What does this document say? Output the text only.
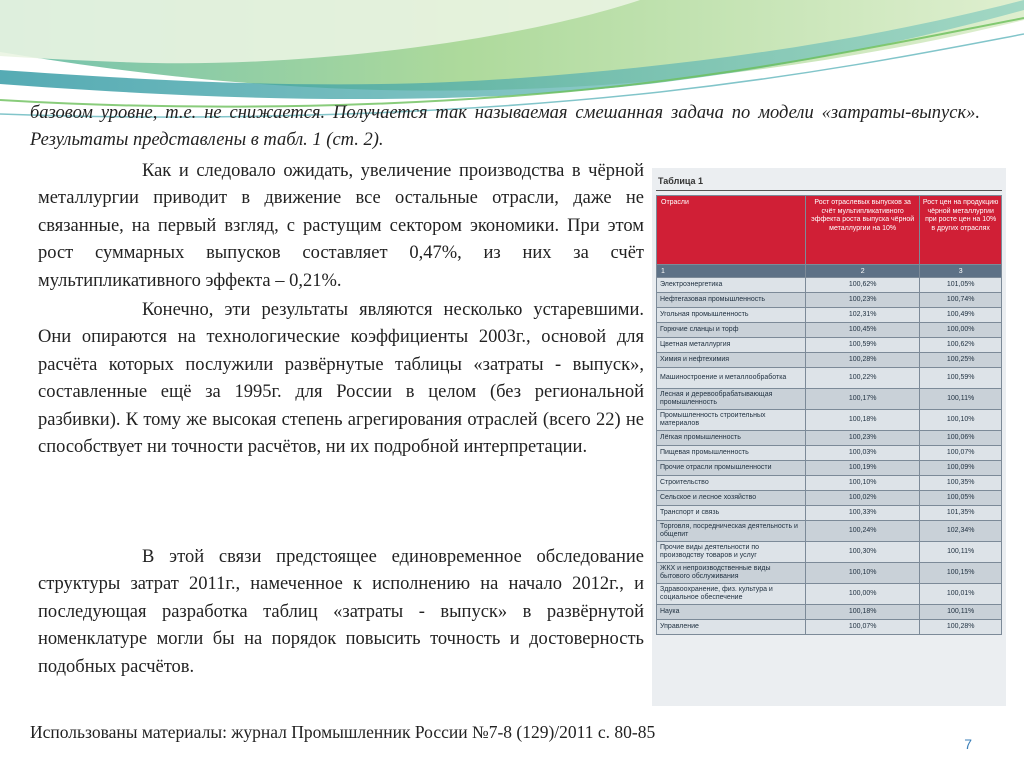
базовом уровне, т.е. не снижается. Получается так называемая смешанная задача по модели «затраты-выпуск». Результаты представлены в табл. 1 (ст. 2).

Как и следовало ожидать, увеличение производства в чёрной металлургии приводит в движение все остальные отрасли, даже не связанные, на первый взгляд, с растущим сектором экономики. При этом рост суммарных выпусков составляет 0,47%, из них за счёт мультипликативного эффекта – 0,21%.

Конечно, эти результаты являются несколько устаревшими. Они опираются на технологические коэффициенты 2003г., основой для расчёта которых послужили развёрнутые таблицы «затраты - выпуск», составленные ещё за 1995г. для России в целом (без региональной разбивки). К тому же высокая степень агрегирования отраслей (всего 22) не способствует ни точности расчётов, ни их подробной интерпретации.

В этой связи предстоящее единовременное обследование структуры затрат 2011г., намеченное к исполнению на начало 2012г., и последующая разработка таблиц «затраты - выпуск» в развёрнутой номенклатуре могли бы на порядок повысить точность и достоверность подобных расчётов.

Таблица 1
Отрасли	Рост отраслевых выпусков за счёт мультипликативного эффекта роста выпуска чёрной металлургии на 10%	Рост цен на продукцию чёрной металлургии при росте цен на 10% в других отраслях
1	2	3
Электроэнергетика	100,62%	101,05%
Нефтегазовая промышленность	100,23%	100,74%
Угольная промышленность	102,31%	100,49%
Горючие сланцы и торф	100,45%	100,00%
Цветная металлургия	100,59%	100,62%
Химия и нефтехимия	100,28%	100,25%
Машиностроение и металлообработка	100,22%	100,59%
Лесная и деревообрабатывающая промышленность	100,17%	100,11%
Промышленность строительных материалов	100,18%	100,10%
Лёгкая промышленность	100,23%	100,06%
Пищевая промышленность	100,03%	100,07%
Прочие отрасли промышленности	100,19%	100,09%
Строительство	100,10%	100,35%
Сельское и лесное хозяйство	100,02%	100,05%
Транспорт и связь	100,33%	101,35%
Торговля, посредническая деятельность и общепит	100,24%	102,34%
Прочие виды деятельности по производству товаров и услуг	100,30%	100,11%
ЖКХ и непроизводственные виды бытового обслуживания	100,10%	100,15%
Здравоохранение, физ. культура и социальное обеспечение	100,00%	100,01%
Наука	100,18%	100,11%
Управление	100,07%	100,28%
Использованы материалы: журнал Промышленник России №7-8 (129)/2011 с. 80-85
7
